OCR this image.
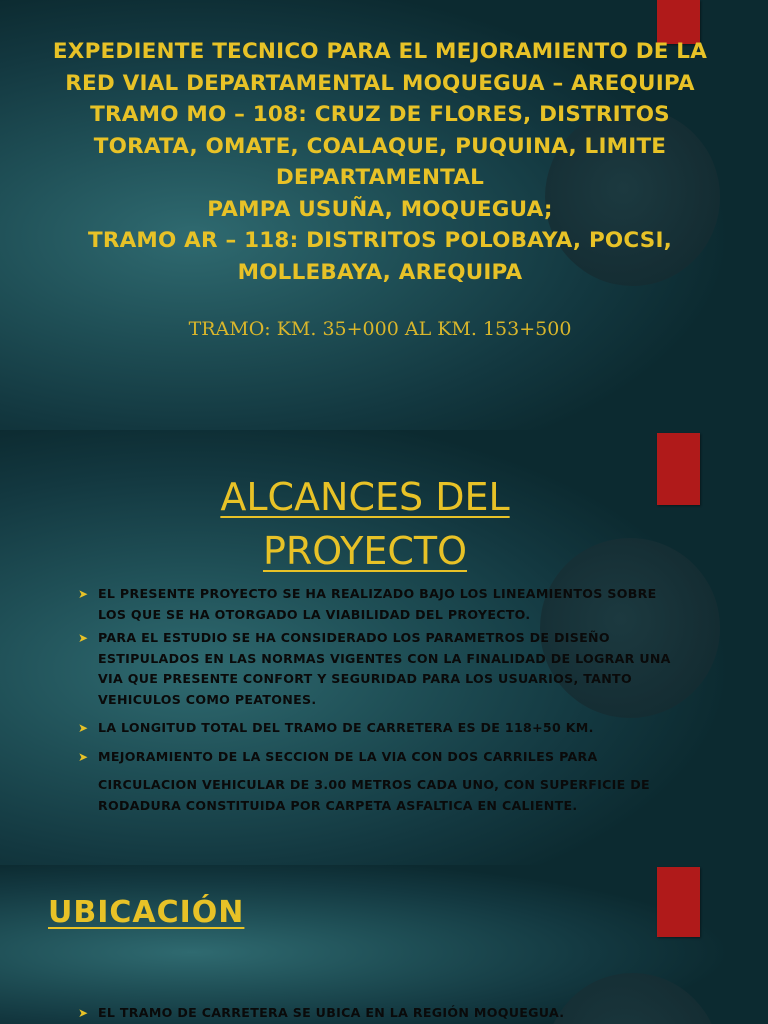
EXPEDIENTE TECNICO PARA EL MEJORAMIENTO DE LA
RED VIAL DEPARTAMENTAL MOQUEGUA – AREQUIPA
TRAMO MO – 108: CRUZ DE FLORES, DISTRITOS
TORATA, OMATE, COALAQUE, PUQUINA, LIMITE
DEPARTAMENTAL
PAMPA USUÑA, MOQUEGUA;
TRAMO AR – 118: DISTRITOS POLOBAYA, POCSI,
MOLLEBAYA, AREQUIPA
TRAMO: KM. 35+000 AL KM. 153+500
ALCANCES DEL
PROYECTO
➤ EL PRESENTE PROYECTO SE HA REALIZADO BAJO LOS LINEAMIENTOS SOBRE LOS QUE SE HA OTORGADO LA VIABILIDAD DEL PROYECTO.
➤ PARA EL ESTUDIO SE HA CONSIDERADO LOS PARAMETROS DE DISEÑO ESTIPULADOS EN LAS NORMAS VIGENTES CON LA FINALIDAD DE LOGRAR UNA VIA QUE PRESENTE CONFORT Y SEGURIDAD PARA LOS USUARIOS, TANTO VEHICULOS COMO PEATONES.
➤ LA LONGITUD TOTAL DEL TRAMO DE CARRETERA ES DE 118+50 KM.
➤ MEJORAMIENTO DE LA SECCION DE LA VIA CON DOS CARRILES PARA
CIRCULACION VEHICULAR DE 3.00 METROS CADA UNO, CON SUPERFICIE DE RODADURA CONSTITUIDA POR CARPETA ASFALTICA EN CALIENTE.
UBICACIÓN
➤ EL TRAMO DE CARRETERA SE UBICA EN LA REGIÓN MOQUEGUA.
